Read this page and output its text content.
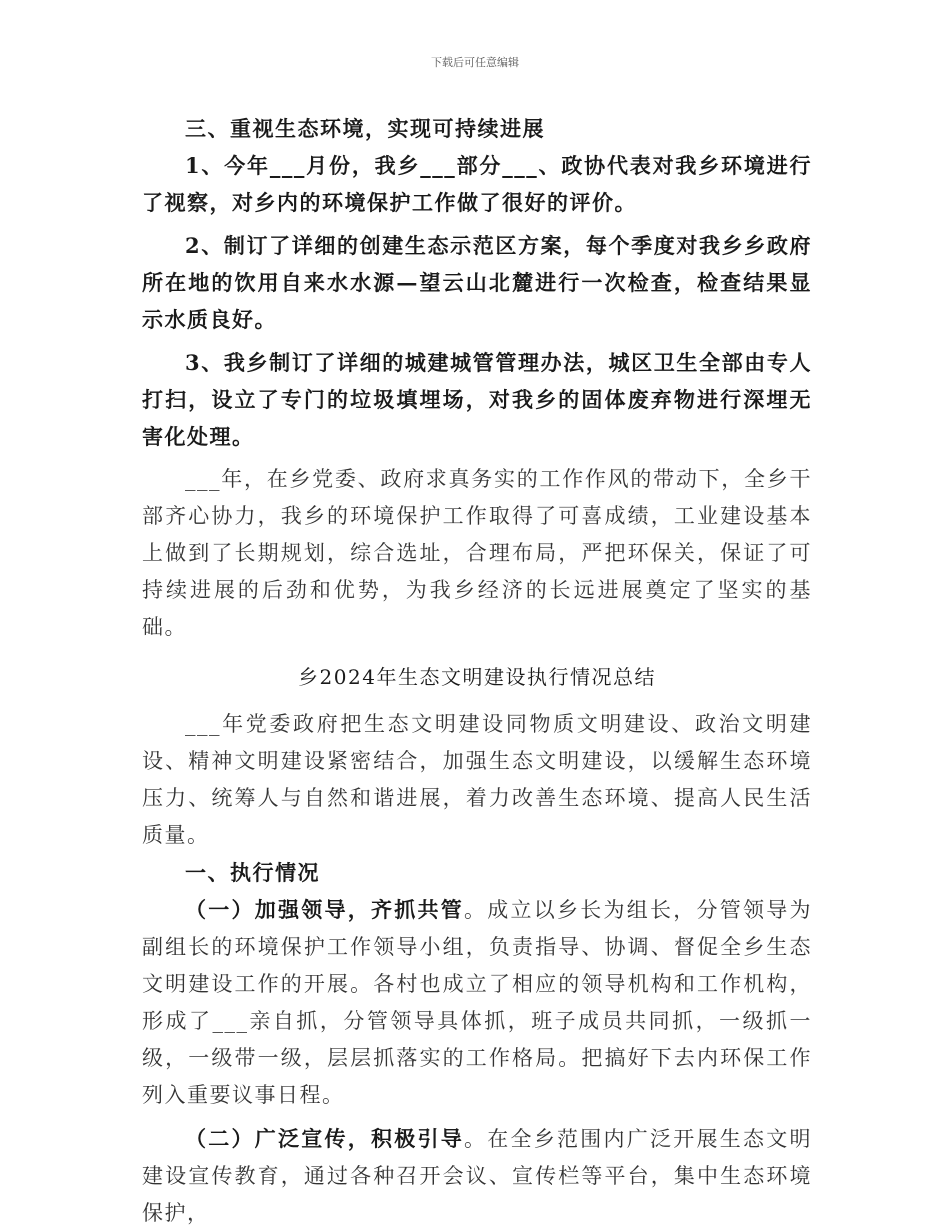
下载后可任意编辑

三、重视生态环境，实现可持续进展

1、今年___月份，我乡___部分___、政协代表对我乡环境进行了视察，对乡内的环境保护工作做了很好的评价。

2、制订了详细的创建生态示范区方案，每个季度对我乡乡政府所在地的饮用自来水水源—望云山北麓进行一次检查，检查结果显示水质良好。

3、我乡制订了详细的城建城管管理办法，城区卫生全部由专人打扫，设立了专门的垃圾填埋场，对我乡的固体废弃物进行深埋无害化处理。

___年，在乡党委、政府求真务实的工作作风的带动下，全乡干部齐心协力，我乡的环境保护工作取得了可喜成绩，工业建设基本上做到了长期规划，综合选址，合理布局，严把环保关，保证了可持续进展的后劲和优势，为我乡经济的长远进展奠定了坚实的基础。

乡2024年生态文明建设执行情况总结

___年党委政府把生态文明建设同物质文明建设、政治文明建设、精神文明建设紧密结合，加强生态文明建设，以缓解生态环境压力、统筹人与自然和谐进展，着力改善生态环境、提高人民生活质量。

一、执行情况

（一）加强领导，齐抓共管。成立以乡长为组长，分管领导为副组长的环境保护工作领导小组，负责指导、协调、督促全乡生态文明建设工作的开展。各村也成立了相应的领导机构和工作机构，形成了___亲自抓，分管领导具体抓，班子成员共同抓，一级抓一级，一级带一级，层层抓落实的工作格局。把搞好下去内环保工作列入重要议事日程。

（二）广泛宣传，积极引导。在全乡范围内广泛开展生态文明建设宣传教育，通过各种召开会议、宣传栏等平台，集中生态环境保护，
